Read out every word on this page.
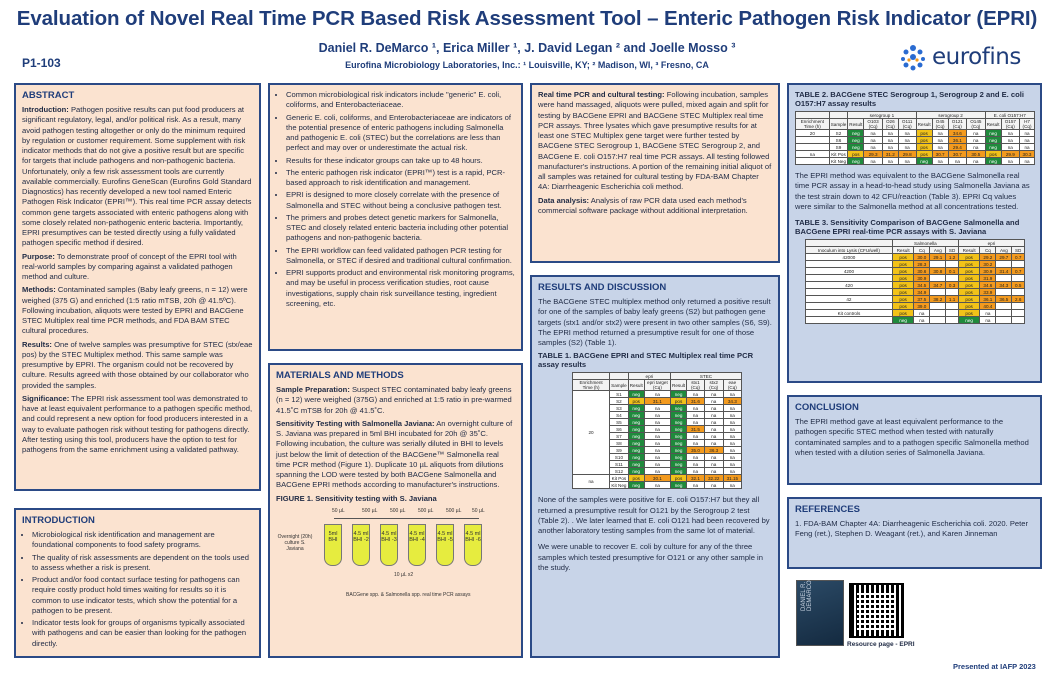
Evaluation of Novel Real Time PCR Based Risk Assessment Tool – Enteric Pathogen Risk Indicator (EPRI)
Daniel R. DeMarco ¹, Erica Miller ¹, J. David Legan ² and Joelle Mosso ³
Eurofina Microbiology Laboratories, Inc.: ¹ Louisville, KY; ² Madison, WI, ³ Fresno, CA
P1-103	eurofins
ABSTRACT

Introduction: Pathogen positive results can put food producers at significant regulatory, legal, and/or political risk. As a result, many avoid pathogen testing altogether or only do the minimum required by regulation or customer requirement. Some supplement with risk indicator methods that do not give a positive result but are specific for targets that include pathogens and non-pathogenic bacteria. Unfortunately, only a few risk assessment tools are currently available commercially. Eurofins GeneScan (Eurofins Gold Standard Diagnostics) has recently developed a new tool named Enteric Pathogen Risk Indicator (EPRI™). This real time PCR assay detects common gene targets associated with enteric pathogens along with some closely related non-pathogenic enteric bacteria. Importantly, EPRI presumptives can be tested directly using a fully validated pathogen specific method if desired.

Purpose: To demonstrate proof of concept of the EPRI tool with real-world samples by comparing against a validated pathogen method and culture.

Methods: Contaminated samples (Baby leafy greens, n = 12) were weighed (375 G) and enriched (1:5 ratio mTSB, 20h @ 41.5ºC). Following incubation, aliquots were tested by EPRI and BACGene STEC Multiplex real time PCR methods, and FDA BAM STEC cultural procedures.

Results: One of twelve samples was presumptive for STEC (stx/eae pos) by the STEC Multiplex method. This same sample was presumptive by EPRI. The organism could not be recovered by culture. Results agreed with those obtained by our collaborator who provided the samples.

Significance: The EPRI risk assessment tool was demonstrated to have at least equivalent performance to a pathogen specific method, and could represent a new option for food producers interested in a way to evaluate pathogen risk without testing for pathogens directly. After testing using this tool, producers have the option to test for pathogens from the same enrichment using a validated pathway.

INTRODUCTION
• Microbiological risk identification and management are foundational components to food safety programs.
• The quality of risk assessments are dependent on the tools used to assess whether a risk is present.
• Product and/or food contact surface testing for pathogens can require costly product hold times waiting for results so it is common to use indicator tests, which show the potential for a pathogen to be present.
• Indicator tests look for groups of organisms typically associated with pathogens and can be easier than looking for the pathogen directly.
• Common microbiological risk indicators include "generic" E. coli, coliforms, and Enterobacteriaceae.
• Generic E. coli, coliforms, and Enterobacteriaceae are indicators of the potential presence of enteric pathogens including Salmonella and pathogenic E. coli (STEC) but the correlations are less than perfect and may over or underestimate the actual risk.
• Results for these indicator groups can take up to 48 hours.
• The enteric pathogen risk indicator (EPRI™) test is a rapid, PCR-based approach to risk identification and management.
• EPRI is designed to more closely correlate with the presence of Salmonella and STEC without being a conclusive pathogen test.
• The primers and probes detect genetic markers for Salmonella, STEC and closely related enteric bacteria including other potential pathogens and non-pathogenic bacteria.
• The EPRI workflow can feed validated pathogen PCR testing for Salmonella, or STEC if desired and traditional cultural confirmation.
• EPRI supports product and environmental risk monitoring programs, and may be useful in process verification studies, root cause investigations, supply chain risk surveillance testing, ingredient screening, etc.
MATERIALS AND METHODS

Sample Preparation: Suspect STEC contaminated baby leafy greens (n = 12) were weighed (375G) and enriched at 1:5 ratio in pre-warmed 41.5˚C mTSB for 20h @ 41.5˚C.

Sensitivity Testing with Salmonella Javiana: An overnight culture of S. Javiana was prepared in 5ml BHI incubated for 20h @ 35˚C. Following incubation, the culture was serially diluted in BHI to levels just below the limit of detection of the BACGene™ Salmonella real time PCR method (Figure 1). Duplicate 10 µL aliquots from dilutions spanning the LOD were tested by both BACGene Salmonella and BACGene EPRI methods according to manufacturer's instructions.

FIGURE 1. Sensitivity testing with S. Javiana
Overnight (20h) culture S. Javiana
50 µL	500 µL	500 µL	500 µL	500 µL 50 µL
5ml BHI
4.5 ml BHI -2
4.5 ml BHI -3
4.5 ml BHI -4
4.5 ml BHI -5
4.5 ml BHI -6
10 µL x2
BACGene spp. & Salmonella spp. real time PCR assays

Real time PCR and cultural testing: Following incubation, samples were hand massaged, aliquots were pulled, mixed again and split for testing by BACGene EPRI and BACGene STEC Multiplex real time PCR assays. Three lysates which gave presumptive results for at least one STEC Multiplex gene target were further tested by BACGene STEC Serogroup 1, BACGene STEC Serogroup 2, and BACGene E. coli O157:H7 real time PCR assays. All testing followed manufacturer's instructions. A portion of the remaining initial aliquot of all samples was retained for cultural testing by FDA-BAM Chapter 4A: Diarrheagenic Escherichia coli method.

Data analysis: Analysis of raw PCR data used each method's commercial software package without additional interpretation.

RESULTS AND DISCUSSION
The BACGene STEC multiplex method only returned a positive result for one of the samples of baby leafy greens (S2) but pathogen gene targets (stx1 and/or stx2) were present in two other samples (S6, S9). The EPRI method returned a presumptive result for one of those samples (S2) (Table 1).
TABLE 1. BACGene EPRI and STEC Multiplex real time PCR assay results
		epri		STEC			
Enrichment Time (h)	Sample	Result	epri target (Cq)	Result	stx1 (Cq)	stx2 (Cq)	eae (Cq)
20	S1	neg	na	neg	na	na	na
	S2	pos	31.1	pos	31.6	na	34.3
	S3	neg	na	neg	na	na	na
	S4	neg	na	neg	na	na	na
	S5	neg	na	neg	na	na	na
	S6	neg	na	neg	31.5	na	na
	S7	neg	na	neg	na	na	na
	S8	neg	na	neg	na	na	na
	S9	neg	na	neg	35.0	36.3	na
	S10	neg	na	neg	na	na	na
	S11	neg	na	neg	na	na	na
	S12	neg	na	neg	na	na	na
na	Kit Pos	pos	30.1	pos	32.1	32.22	31.15
	Kit Neg	neg	na	neg	na	na	na
None of the samples were positive for E. coli O157:H7 but they all returned a presumptive result for O121 by the Serogroup 2 test (Table 2). . We later learned that E. coli O121 had been recovered by another laboratory testing samples from the same lot of material.
We were unable to recover E. coli by culture for any of the three samples which tested presumptive for O121 or any other sample in the study.
TABLE 2. BACGene STEC Serogroup 1, Serogroup 2 and E. coli O157:H7 assay results
		serogroup 1				serogroup 2				E. coli O157:H7		
Enrichment Time (h)	Sample	Result	O103 (Cq)	O26 (Cq)	O111 (Cq)	Result	O45 (Cq)	O121 (Cq)	O145 (Cq)	Result	O157 (Cq)	H7 (Cq)
20	S2	neg	na	na	na	pos	na	34.6	na	neg	na	na
	S6	neg	na	na	na	pos	na	36.1	na	neg	na	na
	S9	neg	na	na	na	pos	na	29.4	na	neg	na	na
na	Kit Pos	pos	29.3	31.2	29.8	pos	30.7	30.7	30.5	pos	29.9	30.3
	Kit Neg	neg	na	na	na	neg	na	na	na	neg	na	na
The EPRI method was equivalent to the BACGene Salmonella real time PCR assay in a head-to-head study using Salmonella Javiana as the test strain down to 42 CFU/reaction (Table 3). EPRI Cq values were similar to the Salmonella method at all concentrations tested.
TABLE 3. Sensitivity Comparison of BACGene Salmonella and BACGene EPRI real-time PCR assays with S. Javiana
	Salmonella				epri			
Inoculum into Lysis (CFU/well)	Result	Cq	Avg	SD	Result	Cq	Avg	SD
42000	pos	30.0	29.1	1.2	pos	29.2	29.7	0.7
	pos	28.3			pos	30.2		
4200	pos	30.6	30.8	0.1	pos	30.9	31.4	0.7
	pos	30.9			pos	31.9		
420	pos	34.5	34.7	0.3	pos	34.6	34.3	0.5
	pos	34.9			pos	33.9		
42	pos	37.5	38.2	1.1	pos	36.1	36.5	2.6
	pos	39.0			pos	40.4		
Kit controls	pos	na			pos	na		
	neg	na			neg	na		
CONCLUSION
The EPRI method gave at least equivalent performance to the pathogen specific STEC method when tested with naturally contaminated samples and to a pathogen specific Salmonella method when tested with a dilution series of Salmonella Javiana.
REFERENCES
1. FDA-BAM Chapter 4A: Diarrheagenic Escherichia coli. 2020. Peter Feng (ret.), Stephen D. Weagant (ret.), and Karen Jinneman
DANIEL R. DEMARCO
Resource page - EPRI
Presented at IAFP 2023
